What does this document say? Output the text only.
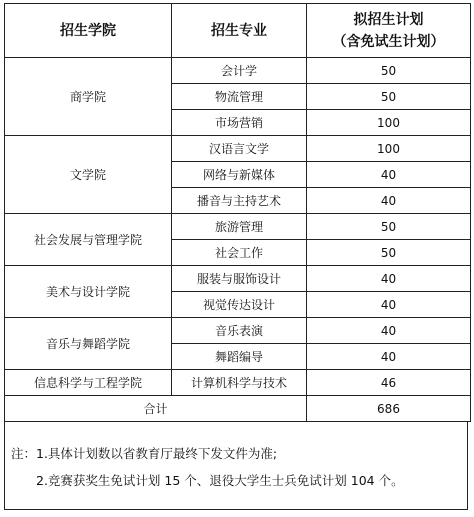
招生学院	招生专业	拟招生计划
（含免试生计划）

商学院	会计学	50
	物流管理	50
	市场营销	100
文学院	汉语言文学	100
	网络与新媒体	40
	播音与主持艺术	40
社会发展与管理学院	旅游管理	50
	社会工作	50
美术与设计学院	服装与服饰设计	40
	视觉传达设计	40
音乐与舞蹈学院	音乐表演	40
	舞蹈编导	40
信息科学与工程学院	计算机科学与技术	46
合计		686
注：1.具体计划数以省教育厅最终下发文件为准;
2.竞赛获奖生免试计划 15 个、退役大学生士兵免试计划 104 个。
